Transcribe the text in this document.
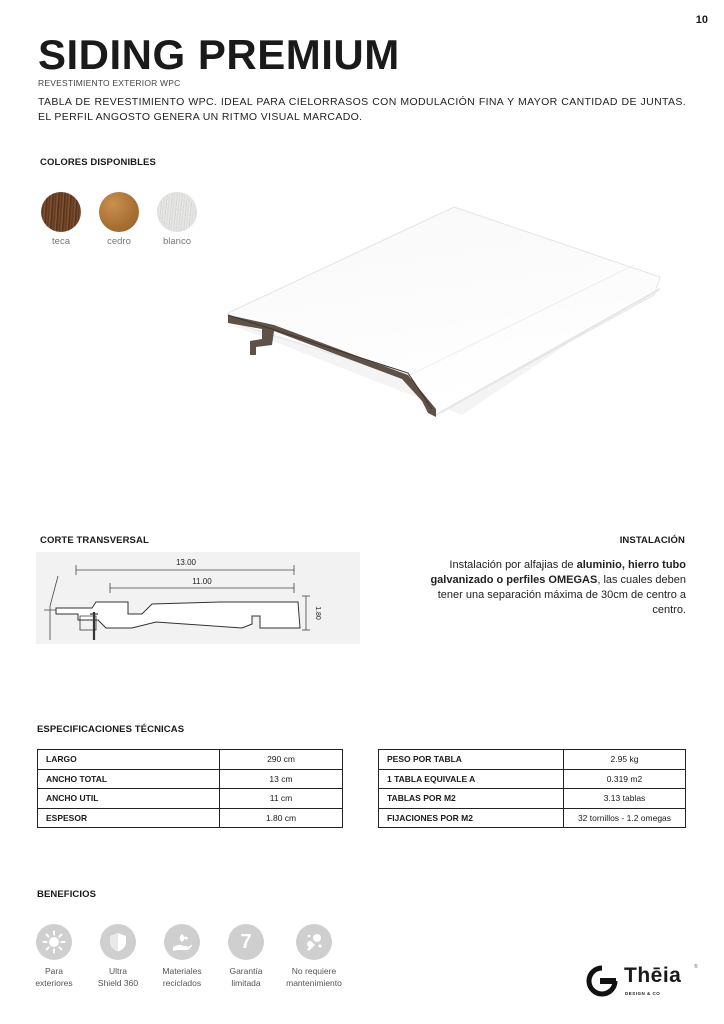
10
SIDING PREMIUM
REVESTIMIENTO EXTERIOR WPC

TABLA DE REVESTIMIENTO WPC. IDEAL PARA CIELORRASOS CON MODULACIÓN FINA Y MAYOR CANTIDAD DE JUNTAS. EL PERFIL ANGOSTO GENERA UN RITMO VISUAL MARCADO.

COLORES DISPONIBLES
teca	cedro	blanco
CORTE TRANSVERSAL
13.00
11.00
1.80
INSTALACIÓN

Instalación por alfajias de aluminio, hierro tubo galvanizado o perfiles OMEGAS, las cuales deben tener una separación máxima de 30cm de centro a centro.

ESPECIFICACIONES TÉCNICAS
LARGO	290 cm
ANCHO TOTAL	13 cm
ANCHO UTIL	11 cm
ESPESOR	1.80 cm
PESO POR TABLA	2.95 kg
1 TABLA EQUIVALE A	0.319 m2
TABLAS POR M2	3.13 tablas
FIJACIONES POR M2	32 tornillos - 1.2 omegas
BENEFICIOS
Para
exteriores
Ultra
Shield 360
Materiales
reciclados
7
Garantía
limitada
No requiere
mantenimiento	Thēia
DESIGN & CO
®
